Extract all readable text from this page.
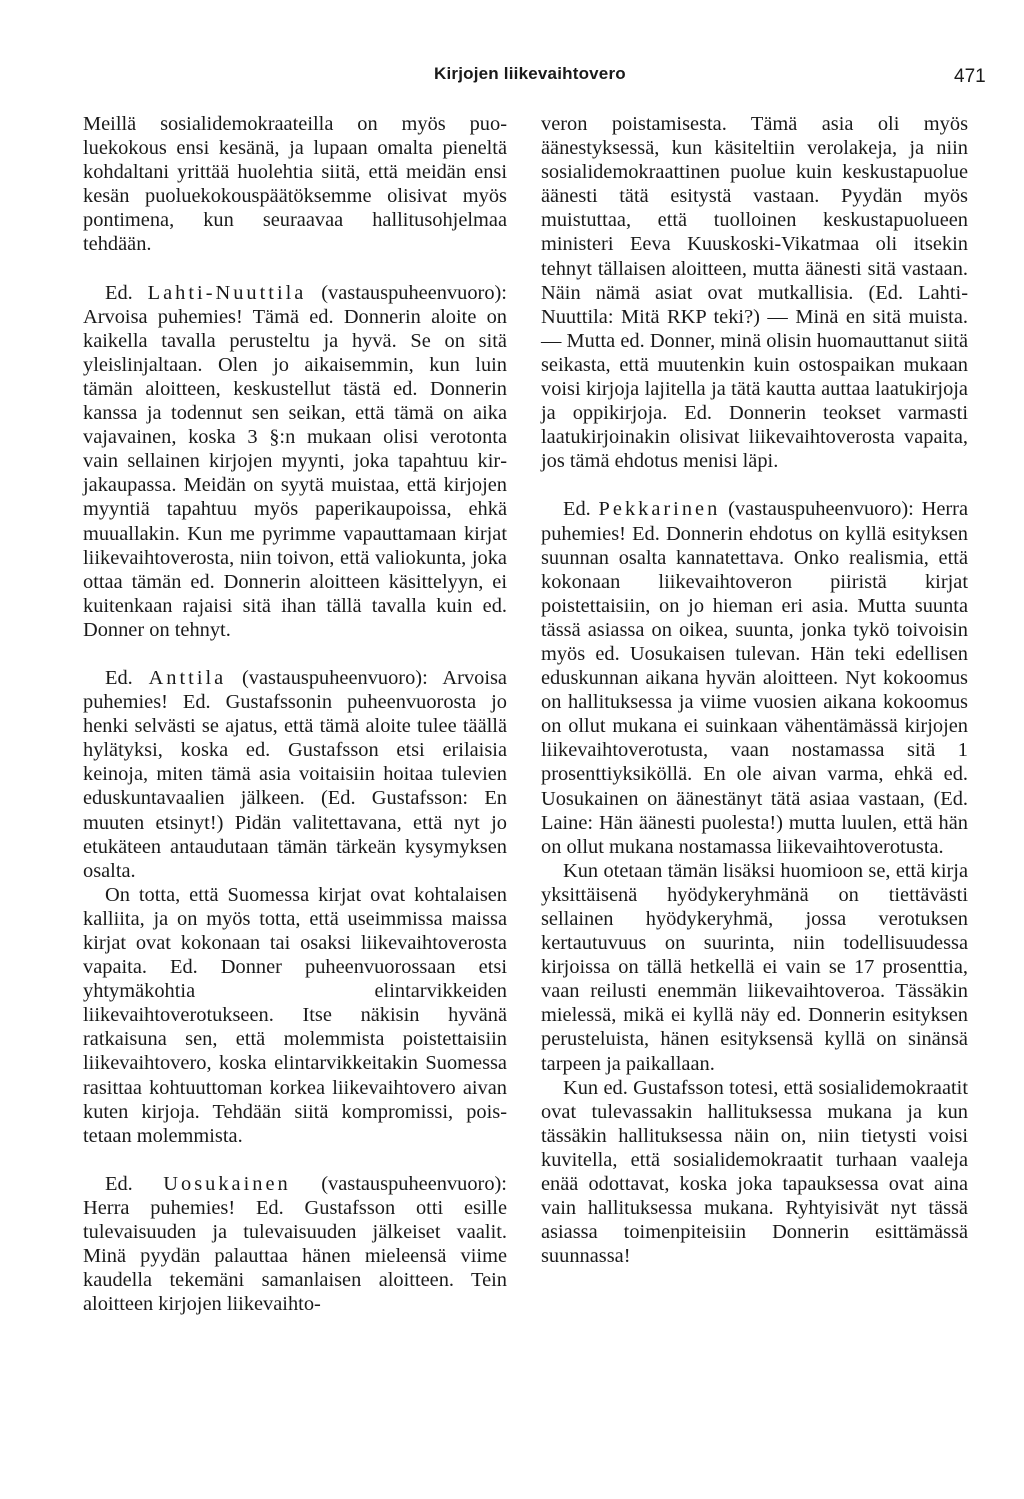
Kirjojen liikevaihtovero	471

Meillä sosialidemokraateilla on myös puoluekokous ensi kesänä, ja lupaan omalta pieneltä kohdaltani yrittää huolehtia siitä, että meidän ensi kesän puoluekokouspäätöksemme olisivat myös pontimena, kun seuraavaa hallitusohjelmaa tehdään.

Ed. Lahti-Nuuttila (vastauspuheenvuoro): Arvoisa puhemies! Tämä ed. Donnerin aloite on kaikella tavalla perusteltu ja hyvä. Se on sitä yleislinjaltaan. Olen jo aikaisemmin, kun luin tämän aloitteen, keskustellut tästä ed. Donnerin kanssa ja todennut sen seikan, että tämä on aika vajavainen, koska 3 §:n mukaan olisi verotonta vain sellainen kirjojen myynti, joka tapahtuu kirjakaupassa. Meidän on syytä muistaa, että kirjojen myyntiä tapahtuu myös paperikaupoissa, ehkä muuallakin. Kun me pyrimme vapauttamaan kirjat liikevaihtoverosta, niin toivon, että valiokunta, joka ottaa tämän ed. Donnerin aloitteen käsittelyyn, ei kuitenkaan rajaisi sitä ihan tällä tavalla kuin ed. Donner on tehnyt.

Ed. Anttila (vastauspuheenvuoro): Arvoisa puhemies! Ed. Gustafssonin puheenvuorosta jo henki selvästi se ajatus, että tämä aloite tulee täällä hylätyksi, koska ed. Gustafsson etsi erilaisia keinoja, miten tämä asia voitaisiin hoitaa tulevien eduskuntavaalien jälkeen. (Ed. Gustafsson: En muuten etsinyt!) Pidän valitettavana, että nyt jo etukäteen antaudutaan tämän tärkeän kysymyksen osalta.

On totta, että Suomessa kirjat ovat kohtalaisen kalliita, ja on myös totta, että useimmissa maissa kirjat ovat kokonaan tai osaksi liikevaihtoverosta vapaita. Ed. Donner puheenvuorossaan etsi yhtymäkohtia elintarvikkeiden liikevaihtoverotukseen. Itse näkisin hyvänä ratkaisuna sen, että molemmista poistettaisiin liikevaihtovero, koska elintarvikkeitakin Suomessa rasittaa kohtuuttoman korkea liikevaihtovero aivan kuten kirjoja. Tehdään siitä kompromissi, poistetaan molemmista.

Ed. Uosukainen (vastauspuheenvuoro): Herra puhemies! Ed. Gustafsson otti esille tulevaisuuden ja tulevaisuuden jälkeiset vaalit. Minä pyydän palauttaa hänen mieleensä viime kaudella tekemäni samanlaisen aloitteen. Tein aloitteen kirjojen liikevaihto-

veron poistamisesta. Tämä asia oli myös äänestyksessä, kun käsiteltiin verolakeja, ja niin sosialidemokraattinen puolue kuin keskustapuolue äänesti tätä esitystä vastaan. Pyydän myös muistuttaa, että tuolloinen keskustapuolueen ministeri Eeva Kuuskoski-Vikatmaa oli itsekin tehnyt tällaisen aloitteen, mutta äänesti sitä vastaan. Näin nämä asiat ovat mutkallisia. (Ed. Lahti-Nuuttila: Mitä RKP teki?) — Minä en sitä muista. — Mutta ed. Donner, minä olisin huomauttanut siitä seikasta, että muutenkin kuin ostospaikan mukaan voisi kirjoja lajitella ja tätä kautta auttaa laatukirjoja ja oppikirjoja. Ed. Donnerin teokset varmasti laatukirjoinakin olisivat liikevaihtoverosta vapaita, jos tämä ehdotus menisi läpi.

Ed. Pekkarinen (vastauspuheenvuoro): Herra puhemies! Ed. Donnerin ehdotus on kyllä esityksen suunnan osalta kannatettava. Onko realismia, että kokonaan liikevaihtoveron piiristä kirjat poistettaisiin, on jo hieman eri asia. Mutta suunta tässä asiassa on oikea, suunta, jonka tykö toivoisin myös ed. Uosukaisen tulevan. Hän teki edellisen eduskunnan aikana hyvän aloitteen. Nyt kokoomus on hallituksessa ja viime vuosien aikana kokoomus on ollut mukana ei suinkaan vähentämässä kirjojen liikevaihtoverotusta, vaan nostamassa sitä 1 prosenttiyksiköllä. En ole aivan varma, ehkä ed. Uosukainen on äänestänyt tätä asiaa vastaan, (Ed. Laine: Hän äänesti puolesta!) mutta luulen, että hän on ollut mukana nostamassa liikevaihtoverotusta.

Kun otetaan tämän lisäksi huomioon se, että kirja yksittäisenä hyödykeryhmänä on tiettävästi sellainen hyödykeryhmä, jossa verotuksen kertautuvuus on suurinta, niin todellisuudessa kirjoissa on tällä hetkellä ei vain se 17 prosenttia, vaan reilusti enemmän liikevaihtoveroa. Tässäkin mielessä, mikä ei kyllä näy ed. Donnerin esityksen perusteluista, hänen esityksensä kyllä on sinänsä tarpeen ja paikallaan.

Kun ed. Gustafsson totesi, että sosialidemokraatit ovat tulevassakin hallituksessa mukana ja kun tässäkin hallituksessa näin on, niin tietysti voisi kuvitella, että sosialidemokraatit turhaan vaaleja enää odottavat, koska joka tapauksessa ovat aina vain hallituksessa mukana. Ryhtyisivät nyt tässä asiassa toimenpiteisiin Donnerin esittämässä suunnassa!
